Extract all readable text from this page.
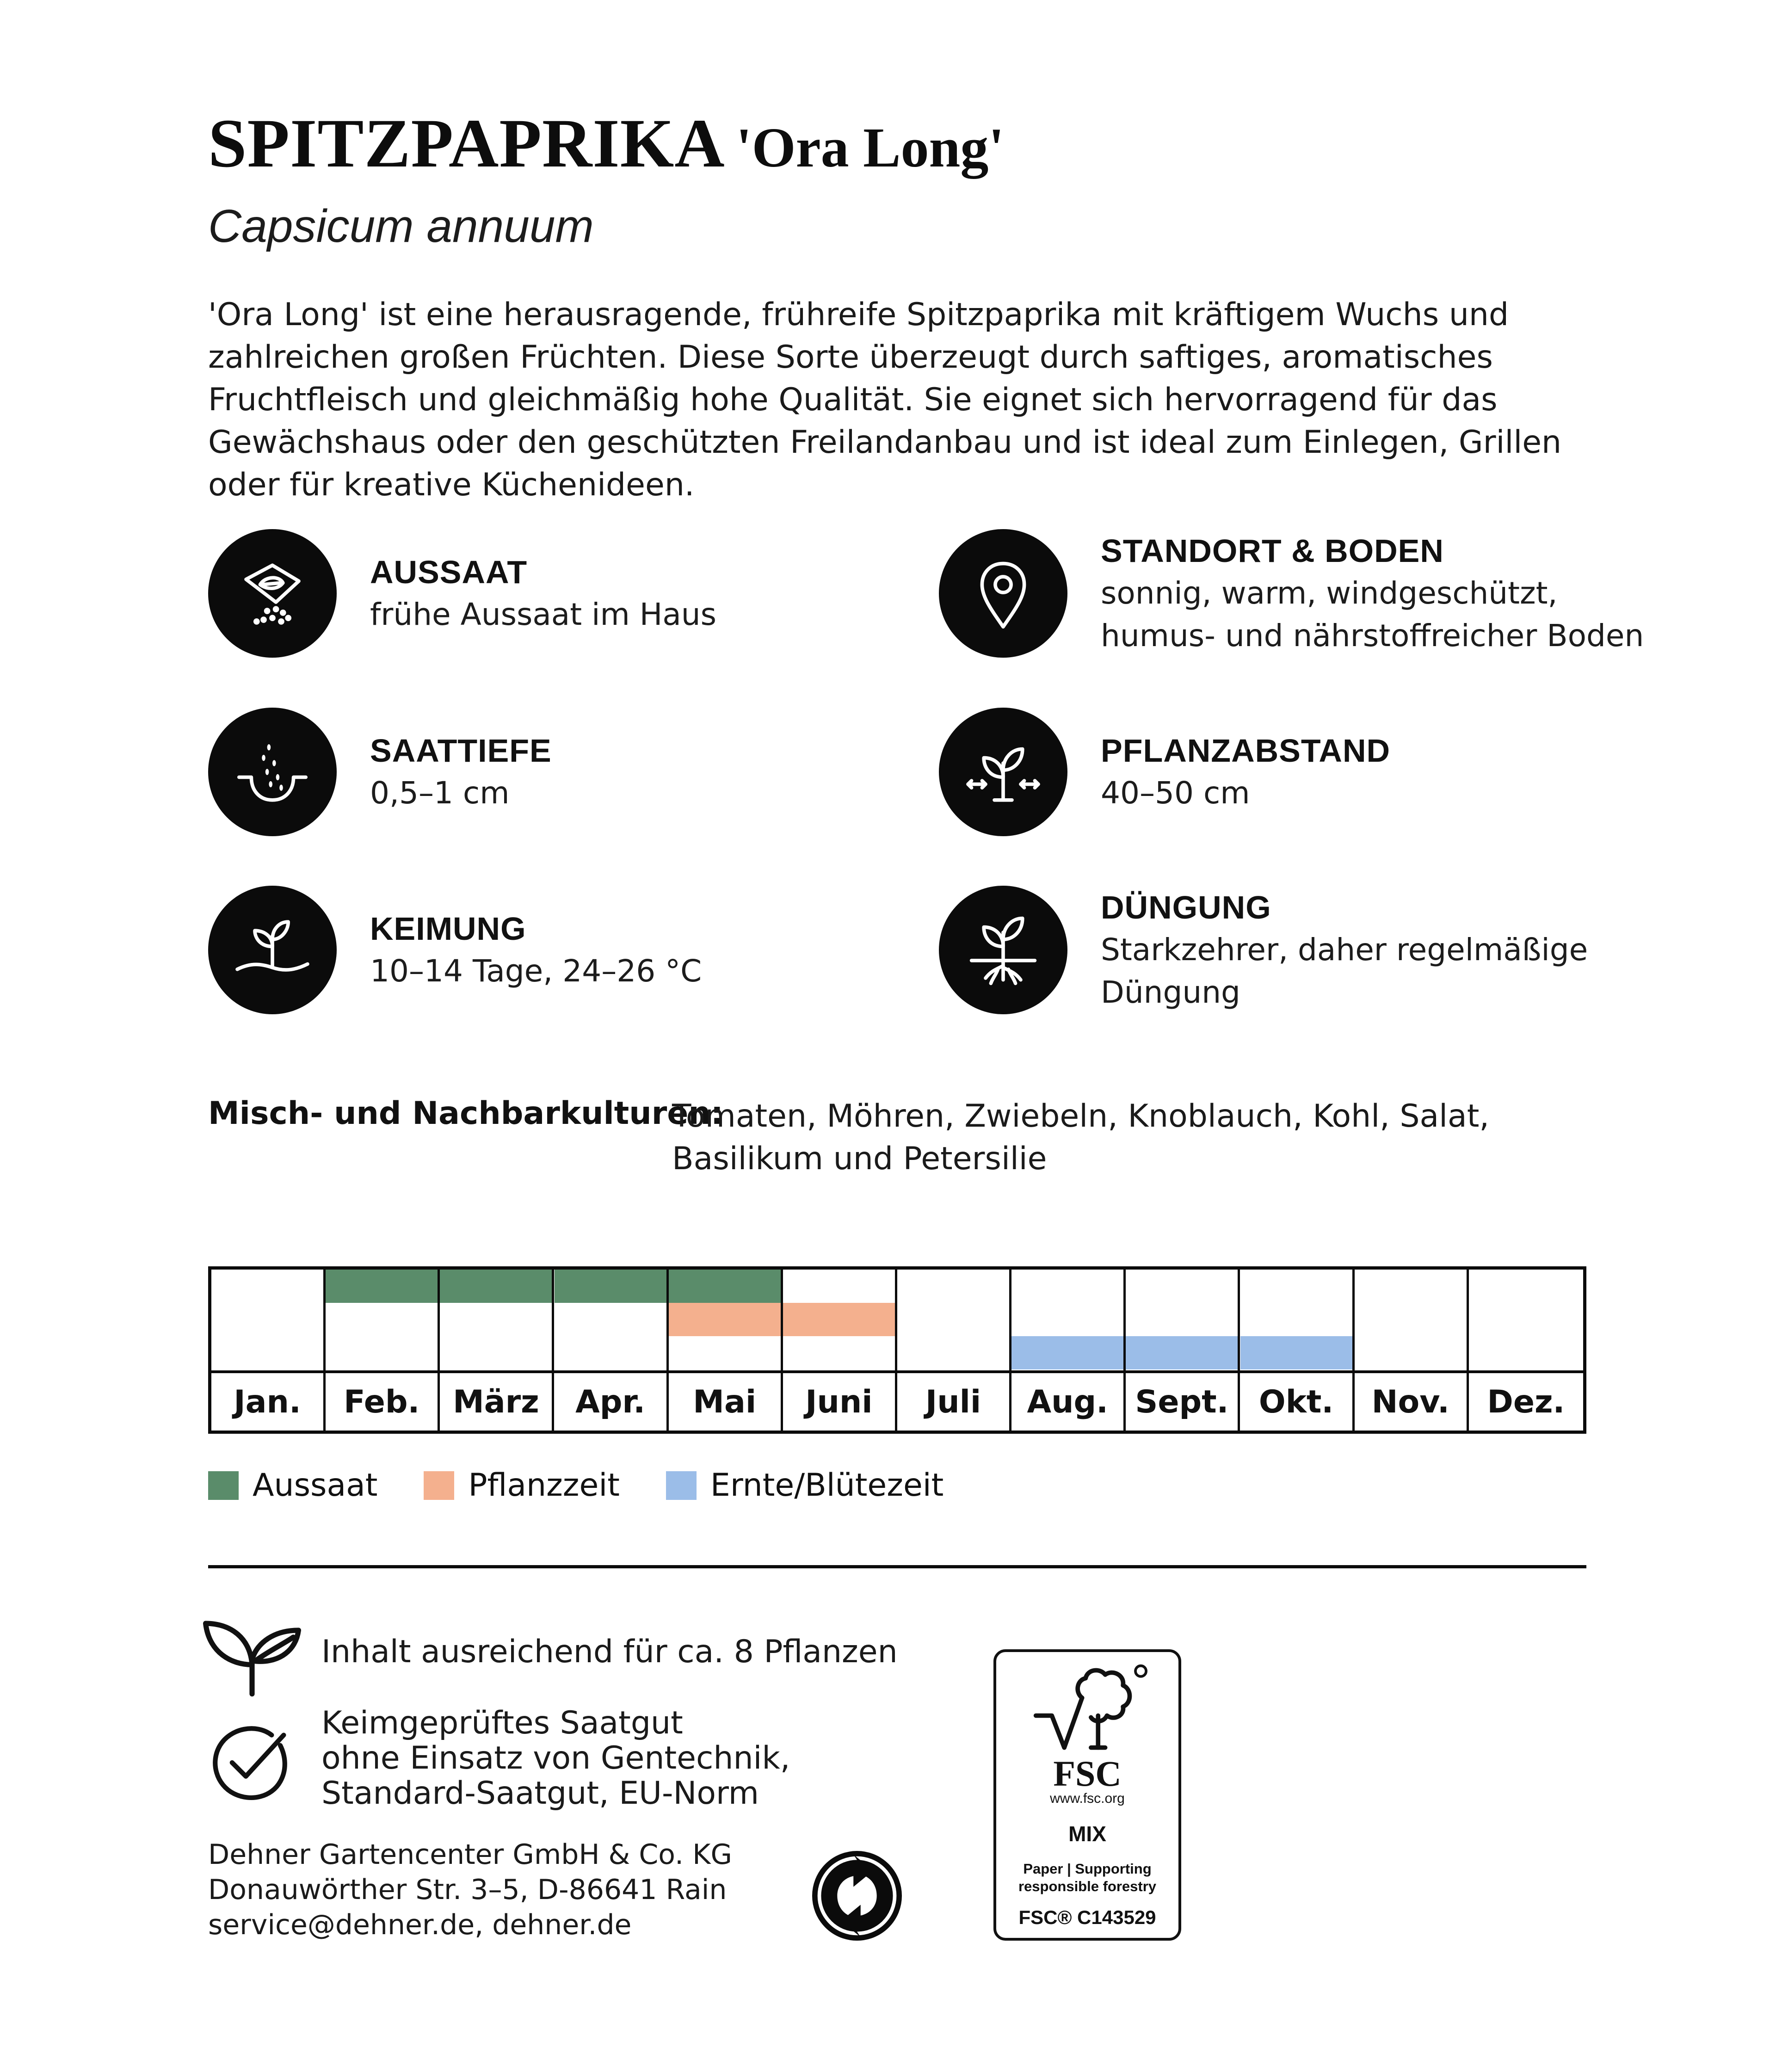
SPITZPAPRIKA 'Ora Long'

Capsicum annuum

'Ora Long' ist eine herausragende, frühreife Spitzpaprika mit kräftigem Wuchs und zahlreichen großen Früchten. Diese Sorte überzeugt durch saftiges, aromatisches Fruchtfleisch und gleichmäßig hohe Qualität. Sie eignet sich hervorragend für das Gewächshaus oder den geschützten Freilandanbau und ist ideal zum Einlegen, Grillen oder für kreative Küchenideen.

AUSSAAT
frühe Aussaat im Haus
SAATTIEFE
0,5–1 cm
KEIMUNG
10–14 Tage, 24–26 °C
STANDORT & BODEN
sonnig, warm, windgeschützt,
humus- und nährstoffreicher Boden
PFLANZABSTAND
40–50 cm
DÜNGUNG
Starkzehrer, daher regelmäßige
Düngung

Misch- und Nachbarkulturen:

Tomaten, Möhren, Zwiebeln, Knoblauch, Kohl, Salat, Basilikum und Petersilie

Jan.	Feb.	März	Apr.	Mai	Juni	Juli	Aug. Sept. Okt.	Nov.	Dez.
Aussaat	Pflanzzeit	Ernte/Blütezeit
Inhalt ausreichend für ca. 8 Pflanzen
Keimgeprüftes Saatgut
ohne Einsatz von Gentechnik,
Standard-Saatgut, EU-Norm
Dehner Gartencenter GmbH & Co. KG
Donauwörther Str. 3–5, D-86641 Rain
service@dehner.de, dehner.de
FSC
www.fsc.org
MIX
Paper | Supporting
responsible forestry
FSC® C143529
